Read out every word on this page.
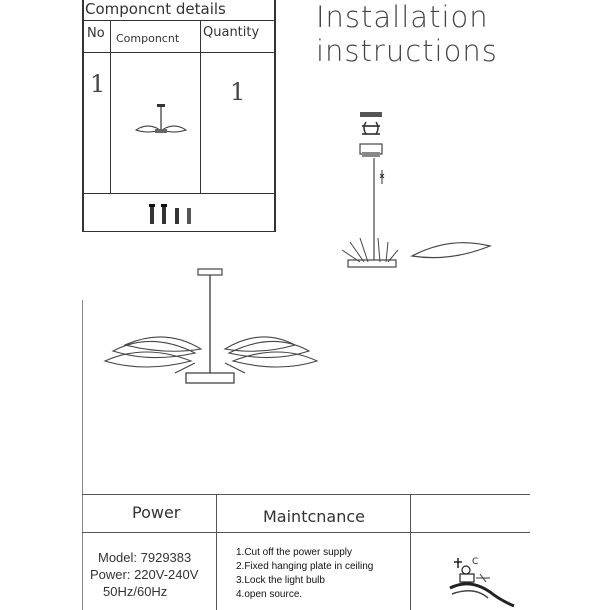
Componcnt details
No Componcnt Quantity
1	1
Installation
instructions
Power	Maintcnance
Model: 7929383
Power: 220V-240V
50Hz/60Hz
1.Cut off the power supply
2.Fixed hanging plate in ceiling
3.Lock the light bulb
4.open source.
C
